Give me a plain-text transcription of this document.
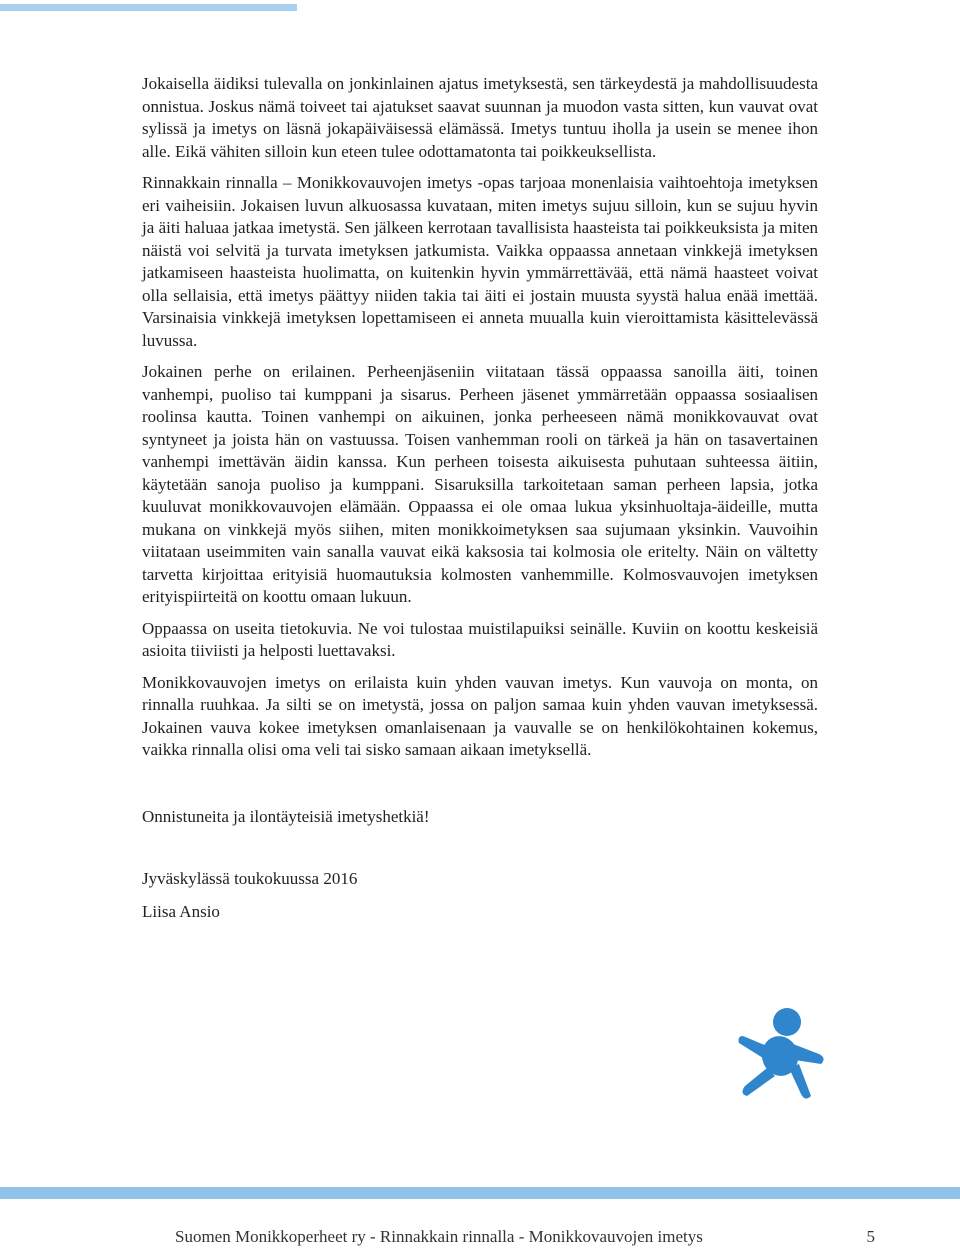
Jokaisella äidiksi tulevalla on jonkinlainen ajatus imetyksestä, sen tärkeydestä ja mahdollisuudesta onnistua. Joskus nämä toiveet tai ajatukset saavat suunnan ja muodon vasta sitten, kun vauvat ovat sylissä ja imetys on läsnä jokapäiväisessä elämässä. Imetys tuntuu iholla ja usein se menee ihon alle. Eikä vähiten silloin kun eteen tulee odottamatonta tai poikkeuksellista.

Rinnakkain rinnalla – Monikkovauvojen imetys -opas tarjoaa monenlaisia vaihtoehtoja imetyksen eri vaiheisiin. Jokaisen luvun alkuosassa kuvataan, miten imetys sujuu silloin, kun se sujuu hyvin ja äiti haluaa jatkaa imetystä. Sen jälkeen kerrotaan tavallisista haasteista tai poikkeuksista ja miten näistä voi selvitä ja turvata imetyksen jatkumista. Vaikka oppaassa annetaan vinkkejä imetyksen jatkamiseen haasteista huolimatta, on kuitenkin hyvin ymmärrettävää, että nämä haasteet voivat olla sellaisia, että imetys päättyy niiden takia tai äiti ei jostain muusta syystä halua enää imettää. Varsinaisia vinkkejä imetyksen lopettamiseen ei anneta muualla kuin vieroittamista käsittelevässä luvussa.

Jokainen perhe on erilainen. Perheenjäseniin viitataan tässä oppaassa sanoilla äiti, toinen vanhempi, puoliso tai kumppani ja sisarus. Perheen jäsenet ymmärretään oppaassa sosiaalisen roolinsa kautta. Toinen vanhempi on aikuinen, jonka perheeseen nämä monikkovauvat ovat syntyneet ja joista hän on vastuussa. Toisen vanhemman rooli on tärkeä ja hän on tasavertainen vanhempi imettävän äidin kanssa. Kun perheen toisesta aikuisesta puhutaan suhteessa äitiin, käytetään sanoja puoliso ja kumppani. Sisaruksilla tarkoitetaan saman perheen lapsia, jotka kuuluvat monikkovauvojen elämään. Oppaassa ei ole omaa lukua yksinhuoltaja-äideille, mutta mukana on vinkkejä myös siihen, miten monikkoimetyksen saa sujumaan yksinkin. Vauvoihin viitataan useimmiten vain sanalla vauvat eikä kaksosia tai kolmosia ole eritelty. Näin on vältetty tarvetta kirjoittaa erityisiä huomautuksia kolmosten vanhemmille. Kolmosvauvojen imetyksen erityispiirteitä on koottu omaan lukuun.

Oppaassa on useita tietokuvia. Ne voi tulostaa muistilapuiksi seinälle. Kuviin on koottu keskeisiä asioita tiiviisti ja helposti luettavaksi.

Monikkovauvojen imetys on erilaista kuin yhden vauvan imetys. Kun vauvoja on monta, on rinnalla ruuhkaa. Ja silti se on imetystä, jossa on paljon samaa kuin yhden vauvan imetyksessä. Jokainen vauva kokee imetyksen omanlaisenaan ja vauvalle se on henkilökohtainen kokemus, vaikka rinnalla olisi oma veli tai sisko samaan aikaan imetyksellä.

Onnistuneita ja ilontäyteisiä imetyshetkiä!

Jyväskylässä toukokuussa 2016

Liisa Ansio

Suomen Monikkoperheet ry - Rinnakkain rinnalla - Monikkovauvojen imetys	5
